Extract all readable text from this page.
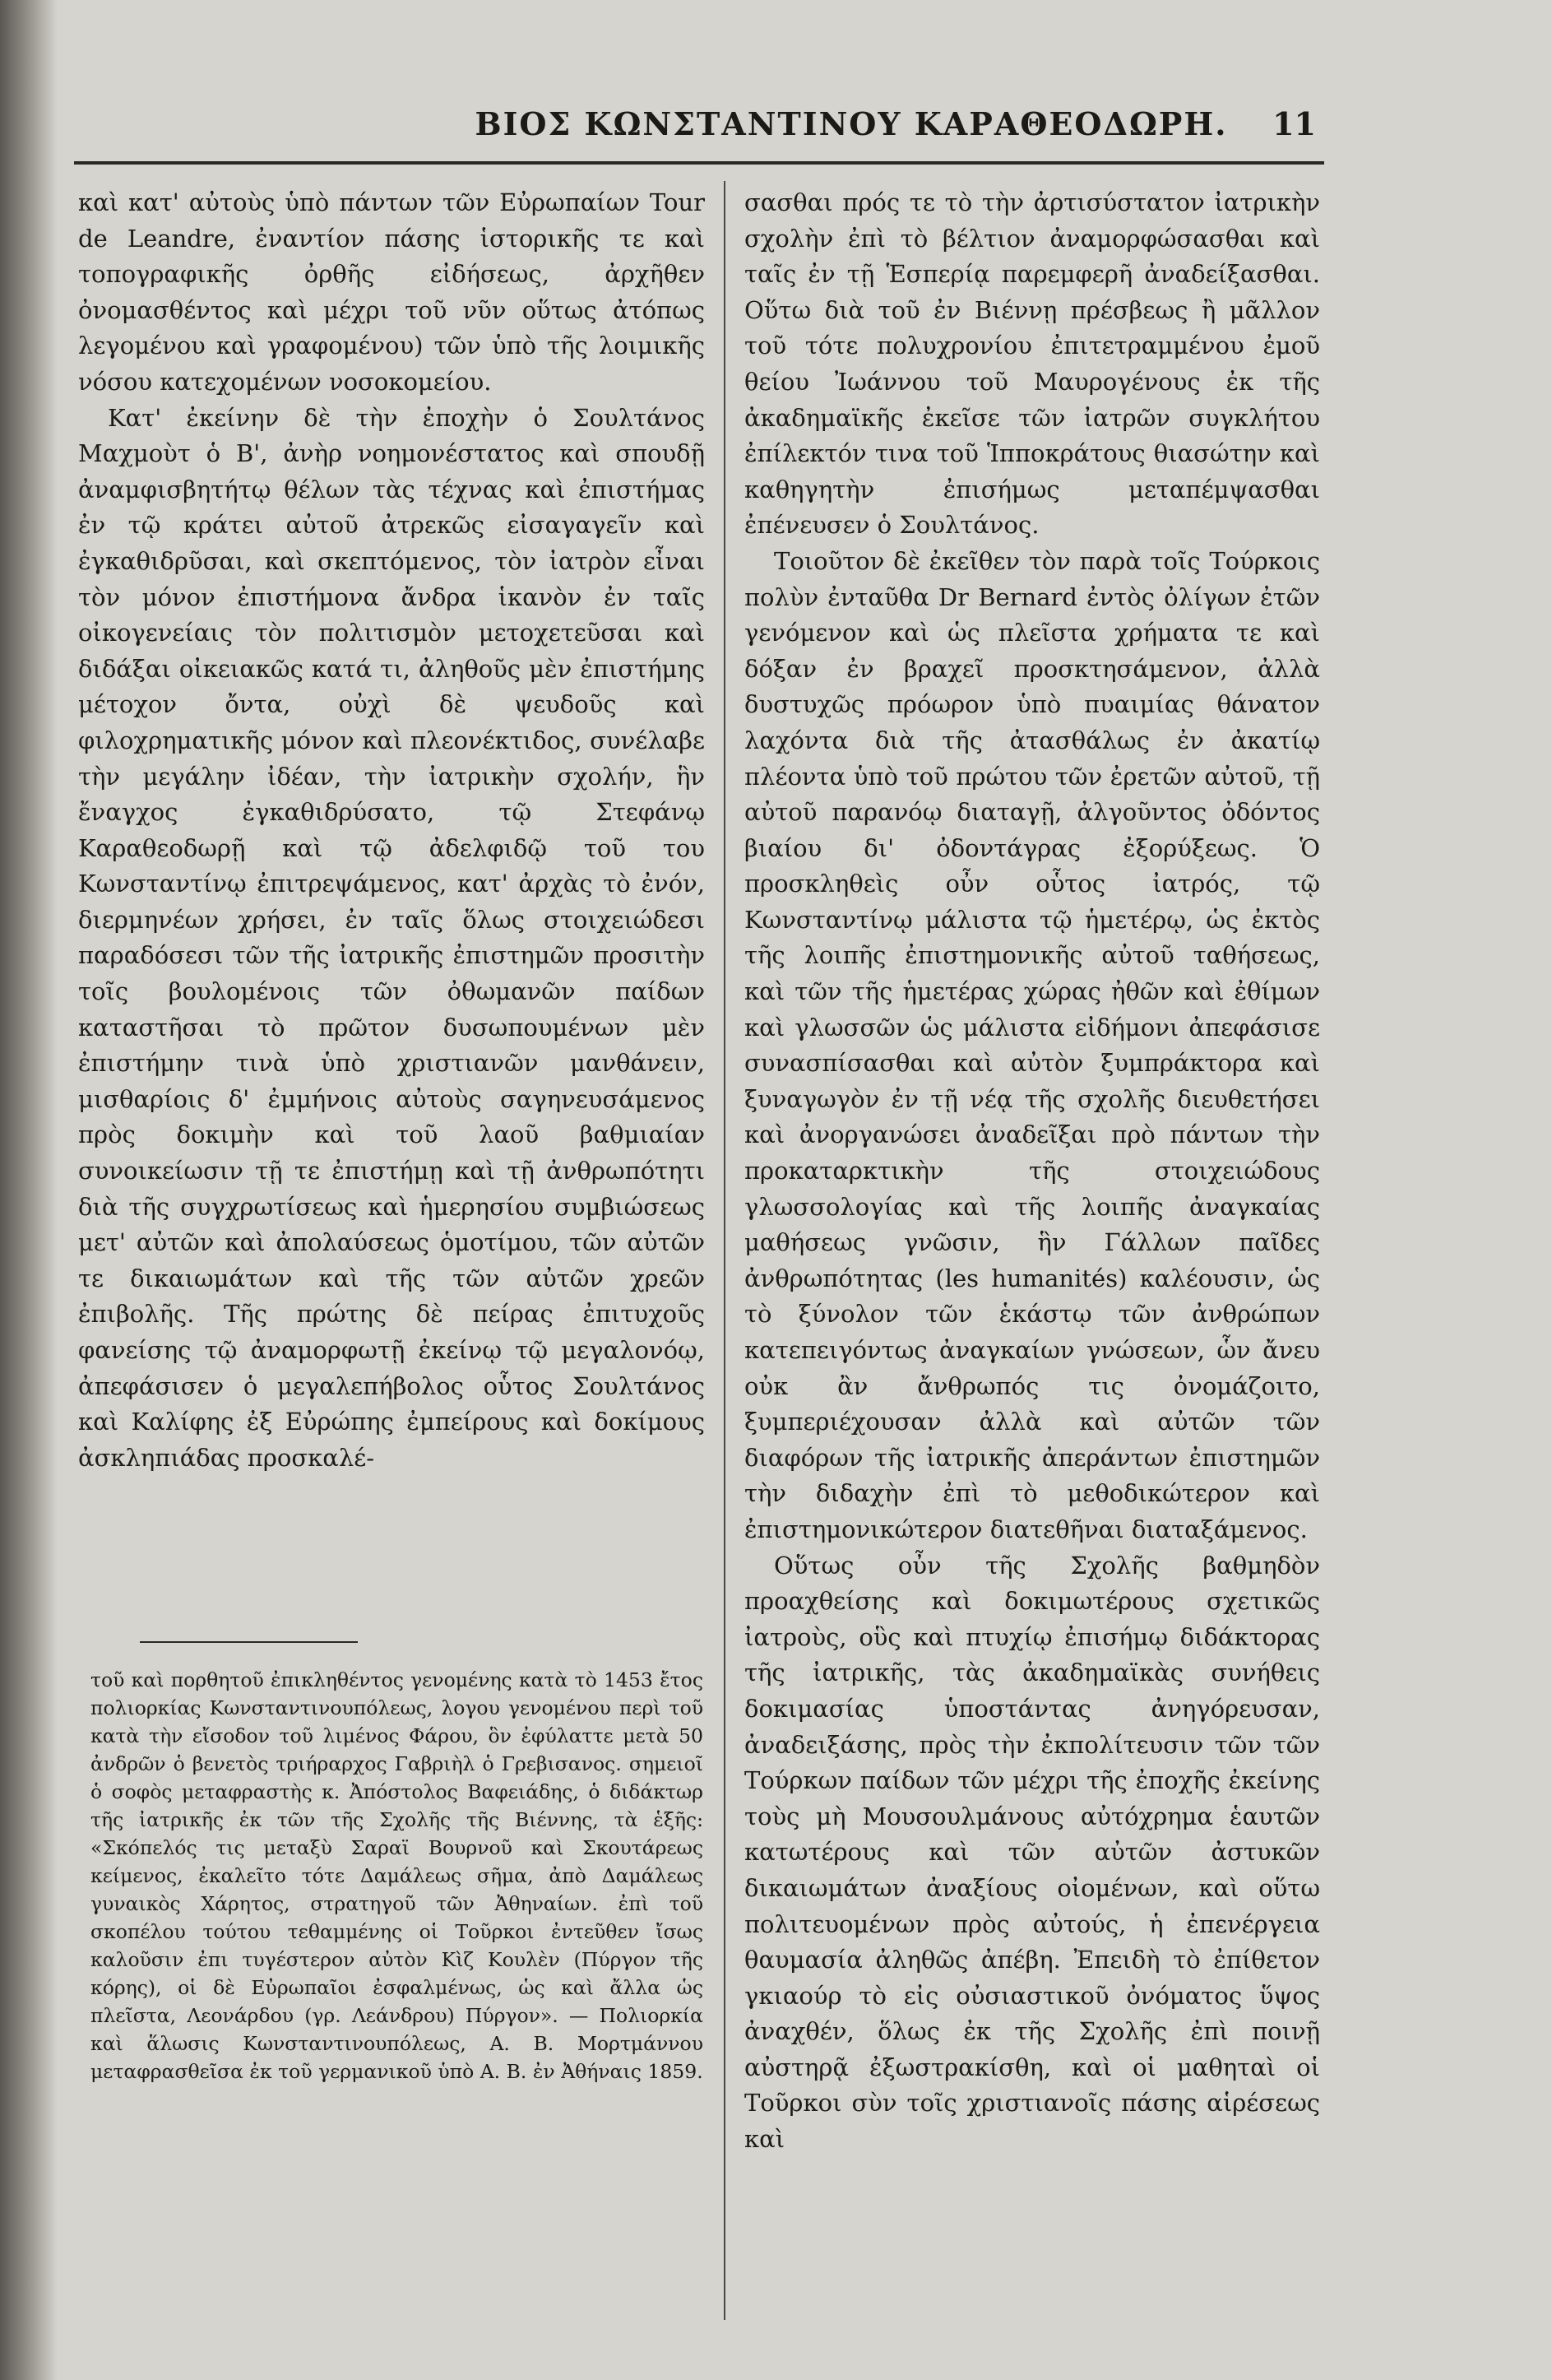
ΒΙΟΣ ΚΩΝΣΤΑΝΤΙΝΟΥ ΚΑΡΑΘΕΟΔΩΡΗ.	11

καὶ κατ' αὐτοὺς ὑπὸ πάντων τῶν Εὐρωπαίων Tour de Leandre, ἐναντίον πάσης ἱστορικῆς τε καὶ τοπογραφικῆς ὀρθῆς εἰδήσεως, ἀρχῆθεν ὀνομασθέντος καὶ μέχρι τοῦ νῦν οὕτως ἀτόπως λεγομένου καὶ γραφομένου) τῶν ὑπὸ τῆς λοιμικῆς νόσου κατεχομένων νοσοκομείου.

Κατ' ἐκείνην δὲ τὴν ἐποχὴν ὁ Σουλτάνος Μαχμοὺτ ὁ Β', ἀνὴρ νοημονέστατος καὶ σπουδῇ ἀναμφισβητήτῳ θέλων τὰς τέχνας καὶ ἐπιστήμας ἐν τῷ κράτει αὐτοῦ ἀτρεκῶς εἰσαγαγεῖν καὶ ἐγκαθιδρῦσαι, καὶ σκεπτόμενος, τὸν ἰατρὸν εἶναι τὸν μόνον ἐπιστήμονα ἄνδρα ἱκανὸν ἐν ταῖς οἰκογενείαις τὸν πολιτισμὸν μετοχετεῦσαι καὶ διδάξαι οἰκειακῶς κατά τι, ἀληθοῦς μὲν ἐπιστήμης μέτοχον ὄντα, οὐχὶ δὲ ψευδοῦς καὶ φιλοχρηματικῆς μόνον καὶ πλεονέκτιδος, συνέλαβε τὴν μεγάλην ἰδέαν, τὴν ἰατρικὴν σχολήν, ἣν ἔναγχος ἐγκαθιδρύσατο, τῷ Στεφάνῳ Καραθεοδωρῇ καὶ τῷ ἀδελφιδῷ τοῦ του Κωνσταντίνῳ ἐπιτρεψάμενος, κατ' ἀρχὰς τὸ ἐνόν, διερμηνέων χρήσει, ἐν ταῖς ὅλως στοιχειώδεσι παραδόσεσι τῶν τῆς ἰατρικῆς ἐπιστημῶν προσιτὴν τοῖς βουλομένοις τῶν ὀθωμανῶν παίδων καταστῆσαι τὸ πρῶτον δυσωπουμένων μὲν ἐπιστήμην τινὰ ὑπὸ χριστιανῶν μανθάνειν, μισθαρίοις δ' ἐμμήνοις αὐτοὺς σαγηνευσάμενος πρὸς δοκιμὴν καὶ τοῦ λαοῦ βαθμιαίαν συνοικείωσιν τῇ τε ἐπιστήμῃ καὶ τῇ ἀνθρωπότητι διὰ τῆς συγχρωτίσεως καὶ ἡμερησίου συμβιώσεως μετ' αὐτῶν καὶ ἀπολαύσεως ὁμοτίμου, τῶν αὐτῶν τε δικαιωμάτων καὶ τῆς τῶν αὐτῶν χρεῶν ἐπιβολῆς. Τῆς πρώτης δὲ πείρας ἐπιτυχοῦς φανείσης τῷ ἀναμορφωτῇ ἐκείνῳ τῷ μεγαλονόῳ, ἀπεφάσισεν ὁ μεγαλεπήβολος οὗτος Σουλτάνος καὶ Καλίφης ἐξ Εὐρώπης ἐμπείρους καὶ δοκίμους ἀσκληπιάδας προσκαλέ-

τοῦ καὶ πορθητοῦ ἐπικληθέντος γενομένης κατὰ τὸ 1453 ἔτος πολιορκίας Κωνσταντινουπόλεως, λογου γενομένου περὶ τοῦ κατὰ τὴν εἴσοδον τοῦ λιμένος Φάρου, ὃν ἐφύλαττε μετὰ 50 ἀνδρῶν ὁ βενετὸς τριήραρχος Γαβριὴλ ὁ Γρεβισανος. σημειοῖ ὁ σοφὸς μεταφραστὴς κ. Ἀπόστολος Βαφειάδης, ὁ διδάκτωρ τῆς ἰατρικῆς ἐκ τῶν τῆς Σχολῆς τῆς Βιέννης, τὰ ἑξῆς: «Σκόπελός τις μεταξὺ Σαραϊ Βουρνοῦ καὶ Σκουτάρεως κείμενος, ἐκαλεῖτο τότε Δαμάλεως σῆμα, ἀπὸ Δαμάλεως γυναικὸς Χάρητος, στρατηγοῦ τῶν Ἀθηναίων. ἐπὶ τοῦ σκοπέλου τούτου τεθαμμένης οἱ Τοῦρκοι ἐντεῦθεν ἴσως καλοῦσιν ἐπι τυγέστερον αὐτὸν Κὶζ Κουλὲν (Πύργον τῆς κόρης), οἱ δὲ Εὐρωπαῖοι ἐσφαλμένως, ὡς καὶ ἄλλα ὡς πλεῖστα, Λεονάρδου (γρ. Λεάνδρου) Πύργον». — Πολιορκία καὶ ἅλωσις Κωνσταντινουπόλεως, Α. Β. Μορτμάννου μεταφρασθεῖσα ἐκ τοῦ γερμανικοῦ ὑπὸ Α. Β. ἐν Ἀθήναις 1859.

σασθαι πρός τε τὸ τὴν ἀρτισύστατον ἰατρικὴν σχολὴν ἐπὶ τὸ βέλτιον ἀναμορφώσασθαι καὶ ταῖς ἐν τῇ Ἑσπερίᾳ παρεμφερῆ ἀναδείξασθαι. Οὕτω διὰ τοῦ ἐν Βιέννῃ πρέσβεως ἢ μᾶλλον τοῦ τότε πολυχρονίου ἐπιτετραμμένου ἐμοῦ θείου Ἰωάννου τοῦ Μαυρογένους ἐκ τῆς ἀκαδημαϊκῆς ἐκεῖσε τῶν ἰατρῶν συγκλήτου ἐπίλεκτόν τινα τοῦ Ἱπποκράτους θιασώτην καὶ καθηγητὴν ἐπισήμως μεταπέμψασθαι ἐπένευσεν ὁ Σουλτάνος.

Τοιοῦτον δὲ ἐκεῖθεν τὸν παρὰ τοῖς Τούρκοις πολὺν ἐνταῦθα Dr Bernard ἐντὸς ὀλίγων ἐτῶν γενόμενον καὶ ὡς πλεῖστα χρήματα τε καὶ δόξαν ἐν βραχεῖ προσκτησάμενον, ἀλλὰ δυστυχῶς πρόωρον ὑπὸ πυαιμίας θάνατον λαχόντα διὰ τῆς ἀτασθάλως ἐν ἀκατίῳ πλέοντα ὑπὸ τοῦ πρώτου τῶν ἐρετῶν αὐτοῦ, τῇ αὐτοῦ παρανόῳ διαταγῇ, ἀλγοῦντος ὀδόντος βιαίου δι' ὀδοντάγρας ἐξορύξεως. Ὁ προσκληθεὶς οὖν οὗτος ἰατρός, τῷ Κωνσταντίνῳ μάλιστα τῷ ἡμετέρῳ, ὡς ἐκτὸς τῆς λοιπῆς ἐπιστημονικῆς αὐτοῦ ταθήσεως, καὶ τῶν τῆς ἡμετέρας χώρας ἠθῶν καὶ ἐθίμων καὶ γλωσσῶν ὡς μάλιστα εἰδήμονι ἀπεφάσισε συνασπίσασθαι καὶ αὐτὸν ξυμπράκτορα καὶ ξυναγωγὸν ἐν τῇ νέᾳ τῆς σχολῆς διευθετήσει καὶ ἀνοργανώσει ἀναδεῖξαι πρὸ πάντων τὴν προκαταρκτικὴν τῆς στοιχειώδους γλωσσολογίας καὶ τῆς λοιπῆς ἀναγκαίας μαθήσεως γνῶσιν, ἣν Γάλλων παῖδες ἀνθρωπότητας (les humanités) καλέουσιν, ὡς τὸ ξύνολον τῶν ἑκάστῳ τῶν ἀνθρώπων κατεπειγόντως ἀναγκαίων γνώσεων, ὧν ἄνευ οὐκ ἂν ἄνθρωπός τις ὀνομάζοιτο, ξυμπεριέχουσαν ἀλλὰ καὶ αὐτῶν τῶν διαφόρων τῆς ἰατρικῆς ἀπεράντων ἐπιστημῶν τὴν διδαχὴν ἐπὶ τὸ μεθοδικώτερον καὶ ἐπιστημονικώτερον διατεθῆναι διαταξάμενος.

Οὕτως οὖν τῆς Σχολῆς βαθμηδὸν προαχθείσης καὶ δοκιμωτέρους σχετικῶς ἰατροὺς, οὓς καὶ πτυχίῳ ἐπισήμῳ διδάκτορας τῆς ἰατρικῆς, τὰς ἀκαδημαϊκὰς συνήθεις δοκιμασίας ὑποστάντας ἀνηγόρευσαν, ἀναδειξάσης, πρὸς τὴν ἐκπολίτευσιν τῶν τῶν Τούρκων παίδων τῶν μέχρι τῆς ἐποχῆς ἐκείνης τοὺς μὴ Μουσουλμάνους αὐτόχρημα ἑαυτῶν κατωτέρους καὶ τῶν αὐτῶν ἀστυκῶν δικαιωμάτων ἀναξίους οἰομένων, καὶ οὕτω πολιτευομένων πρὸς αὐτούς, ἡ ἐπενέργεια θαυμασία ἀληθῶς ἀπέβη. Ἐπειδὴ τὸ ἐπίθετον γκιαούρ τὸ εἰς οὐσιαστικοῦ ὀνόματος ὕψος ἀναχθέν, ὅλως ἐκ τῆς Σχολῆς ἐπὶ ποινῇ αὐστηρᾷ ἐξωστρακίσθη, καὶ οἱ μαθηταὶ οἱ Τοῦρκοι σὺν τοῖς χριστιανοῖς πάσης αἱρέσεως καὶ
